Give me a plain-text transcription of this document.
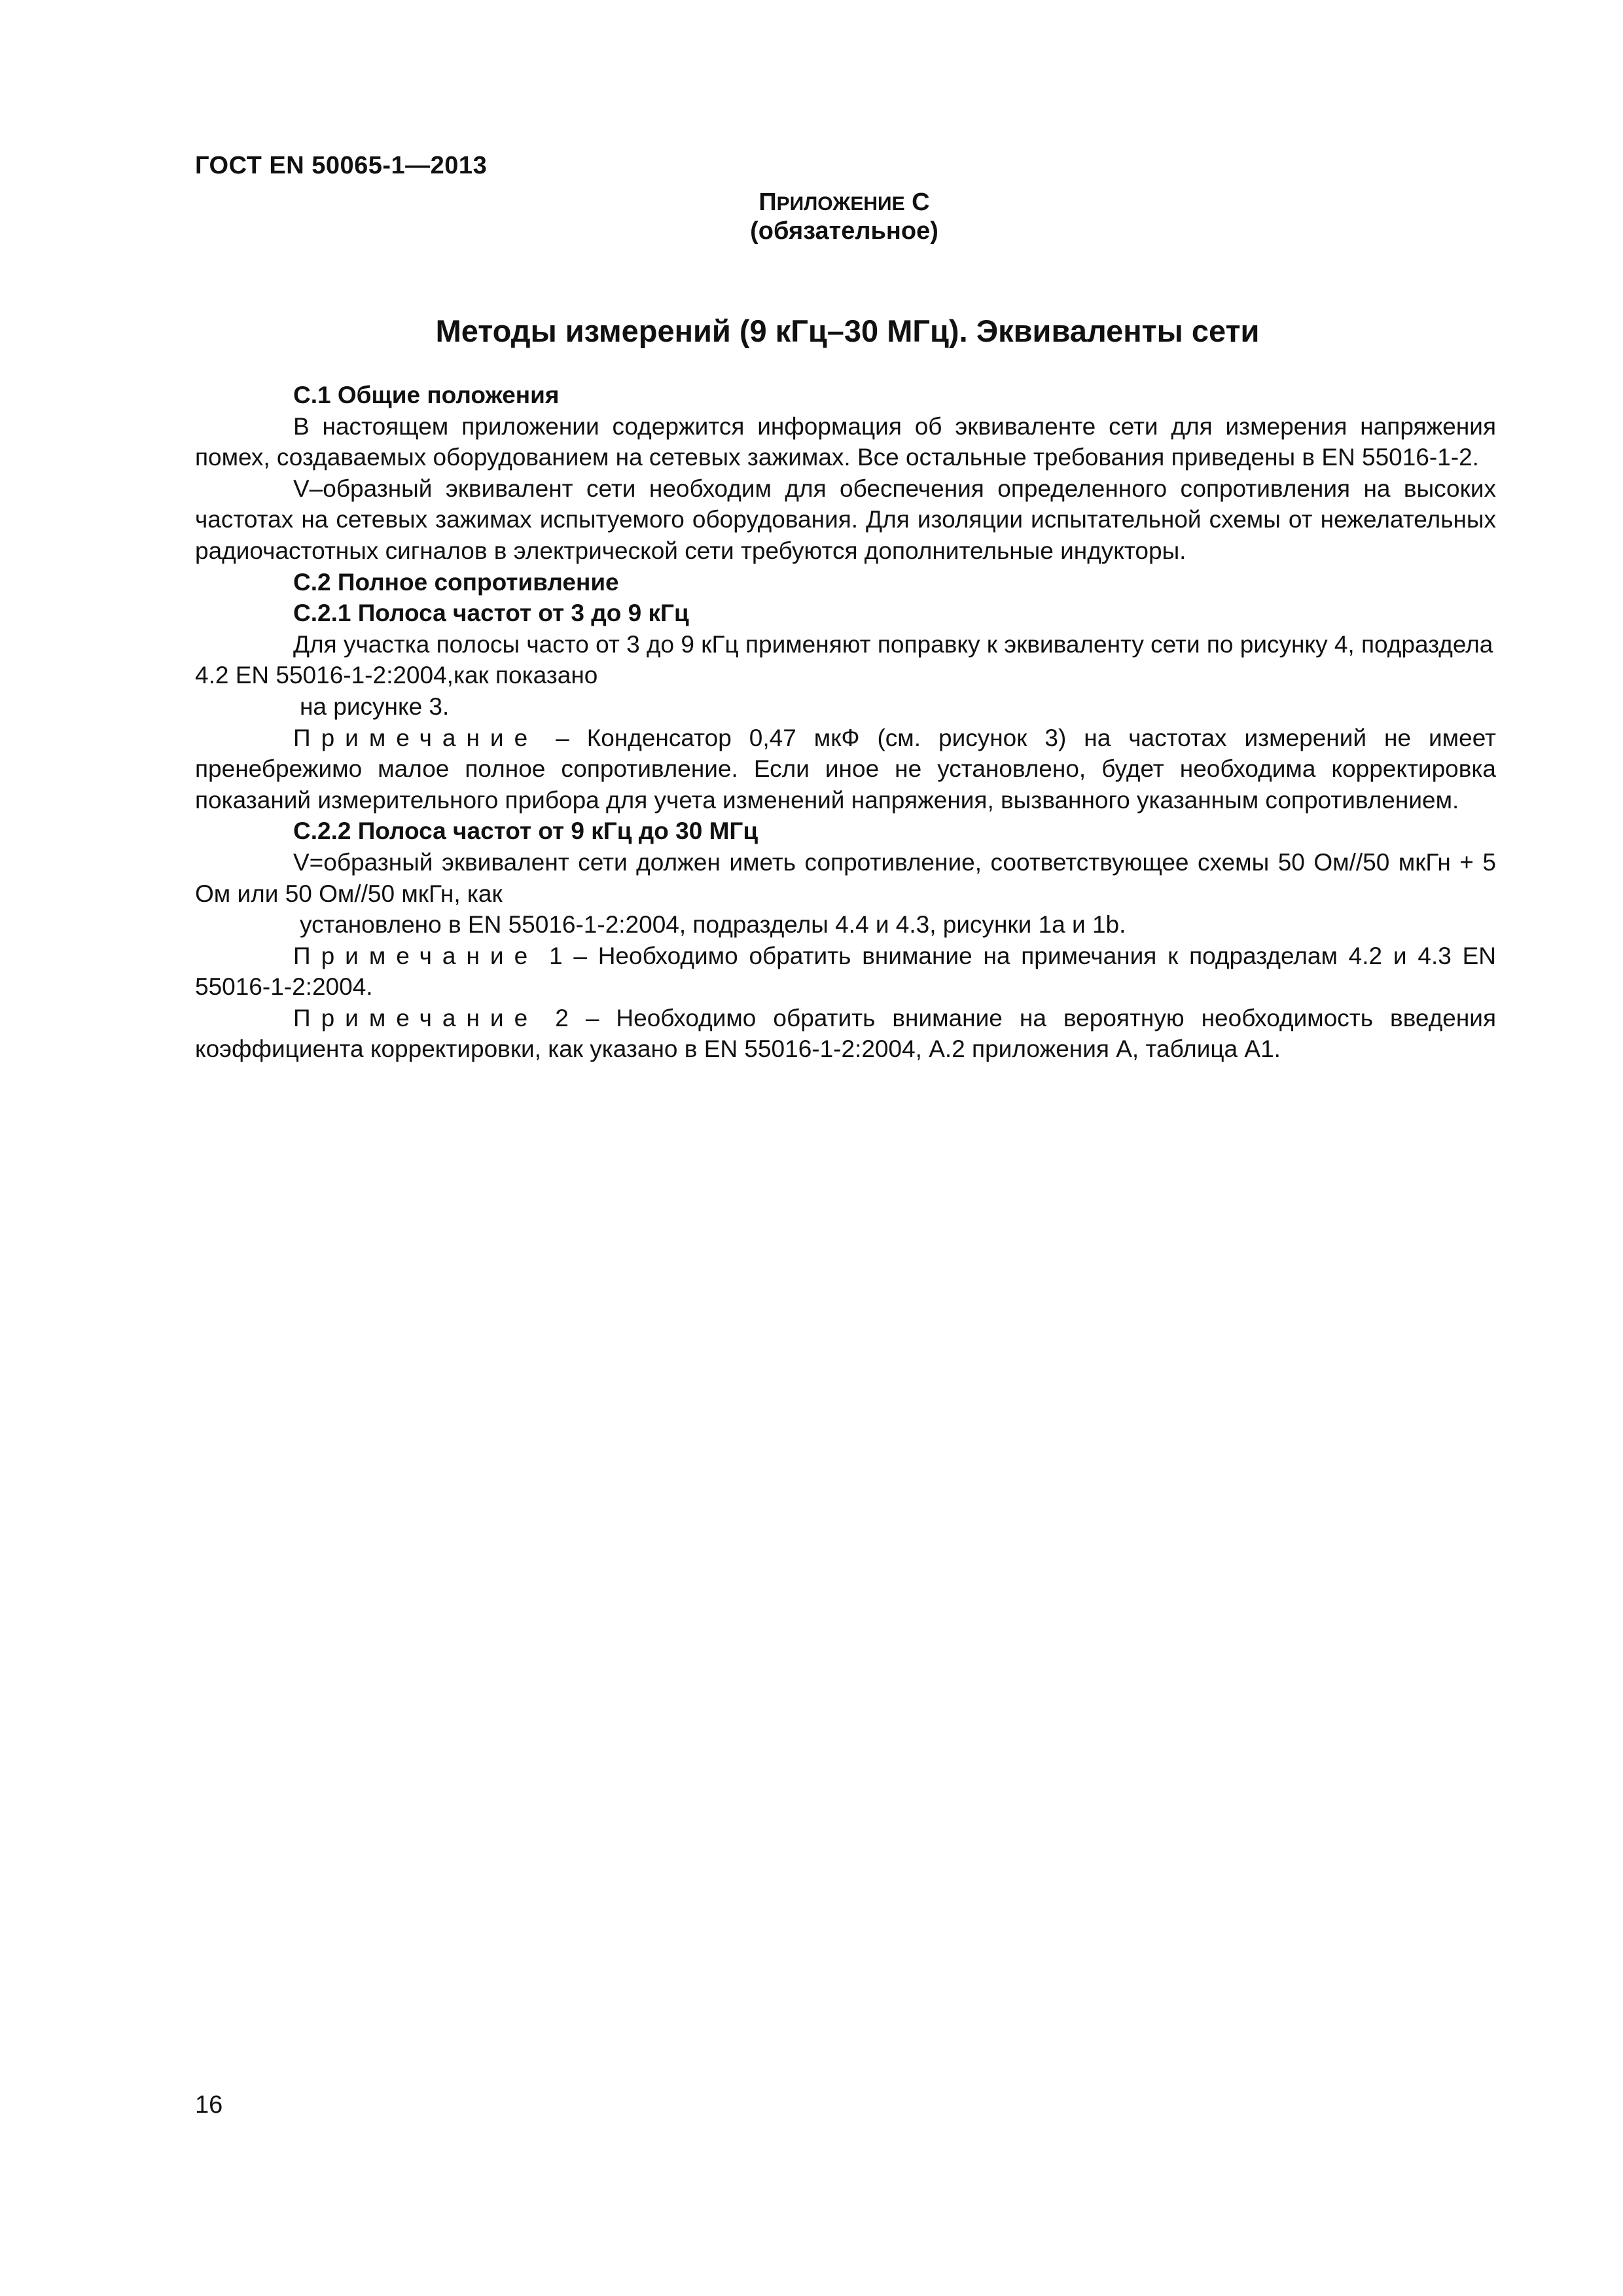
ГОСТ EN 50065-1—2013
ПРИЛОЖЕНИЕ C
(обязательное)
Методы измерений (9 кГц–30 МГц). Эквиваленты сети

С.1 Общие положения

В настоящем приложении содержится информация об эквиваленте сети для измерения напряжения помех, создаваемых оборудованием на сетевых зажимах. Все остальные требования приведены в EN 55016-1-2.

V–образный эквивалент сети необходим для обеспечения определенного сопротивления на высоких частотах на сетевых зажимах испытуемого оборудования. Для изоляции испытательной схемы от нежелательных радиочастотных сигналов в электрической сети требуются дополнительные индукторы.

С.2 Полное сопротивление

С.2.1 Полоса частот от 3 до 9 кГц

Для участка полосы часто от 3 до 9 кГц применяют поправку к эквиваленту сети по рисунку 4, подраздела 4.2 EN 55016-1-2:2004,как показано

на рисунке 3.

Примечание – Конденсатор 0,47 мкФ (см. рисунок 3) на частотах измерений не имеет пренебрежимо малое полное сопротивление. Если иное не установлено, будет необходима корректировка показаний измерительного прибора для учета изменений напряжения, вызванного указанным сопротивлением.

С.2.2 Полоса частот от 9 кГц до 30 МГц

V=образный эквивалент сети должен иметь сопротивление, соответствующее схемы 50 Ом//50 мкГн + 5 Ом или 50 Ом//50 мкГн, как

установлено в EN 55016-1-2:2004, подразделы 4.4 и 4.3, рисунки 1a и 1b.

Примечание 1 – Необходимо обратить внимание на примечания к подразделам 4.2 и 4.3 EN 55016-1-2:2004.

Примечание 2 – Необходимо обратить внимание на вероятную необходимость введения коэффициента корректировки, как указано в EN 55016-1-2:2004, А.2 приложения А, таблица А1.

16
